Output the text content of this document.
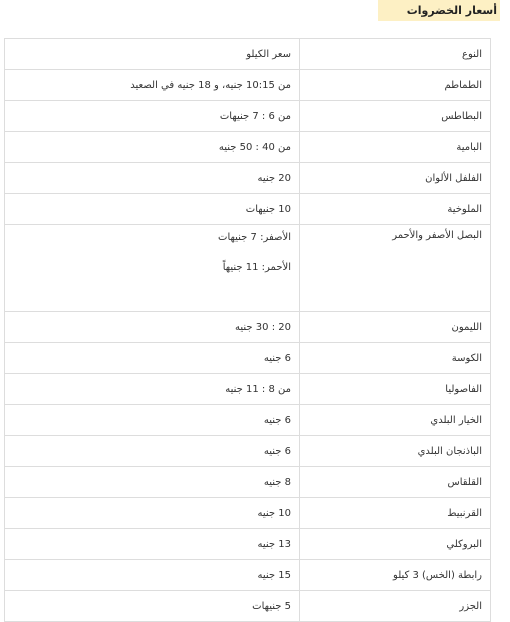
أسعار الخضروات
النوع	سعر الكيلو
الطماطم	من 10:15 جنيه، و 18 جنيه في الصعيد
البطاطس	من 6 : 7 جنيهات
البامية	من 40 : 50 جنيه
الفلفل الألوان	20 جنيه
الملوخية	10 جنيهات
البصل الأصفر والأحمر	الأصفر: 7 جنيهات
الأحمر: 11 جنيهاً

الليمون	20 : 30 جنيه
الكوسة	6 جنيه
الفاصوليا	من 8 : 11 جنيه
الخيار البلدي	6 جنيه
الباذنجان البلدي	6 جنيه
القلقاس	8 جنيه
القرنبيط	10 جنيه
البروكلي	13 جنيه
رابطة (الخس) 3 كيلو	15 جنيه
الجزر	5 جنيهات
